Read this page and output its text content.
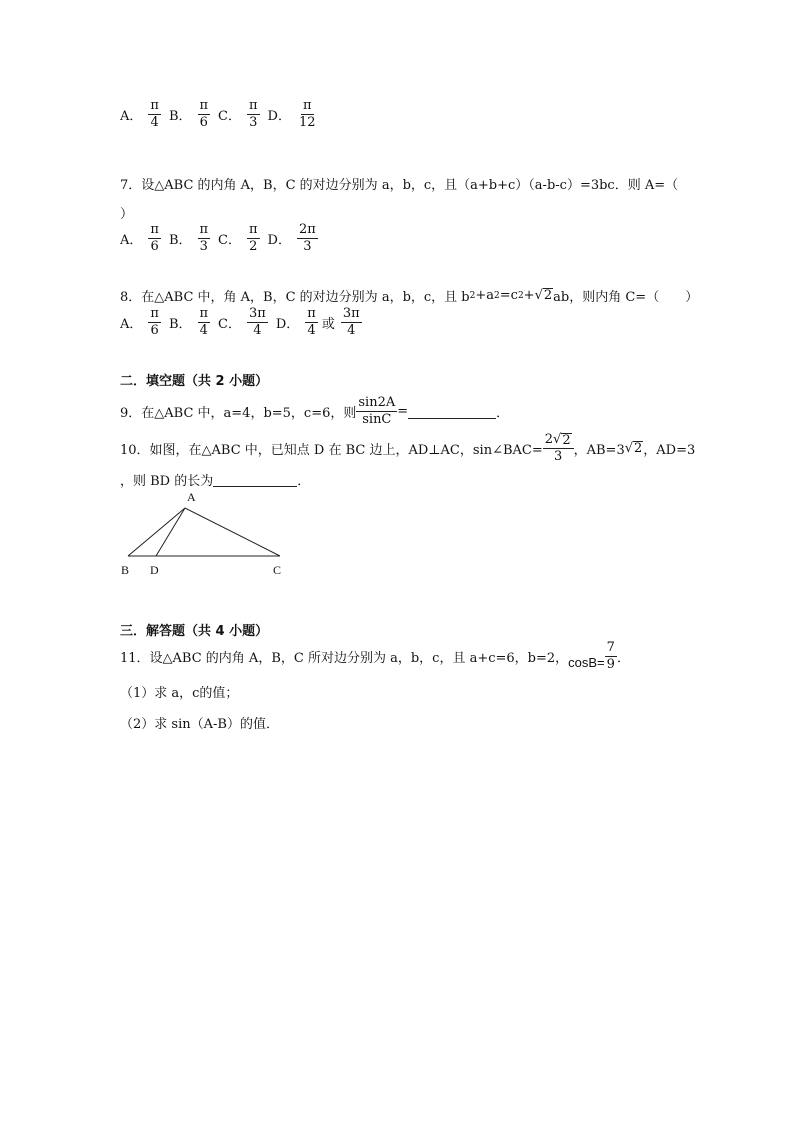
A． $\frac{\pi}{4}$ B． $\frac{\pi}{6}$ C． $\frac{\pi}{3}$ D． $\frac{\pi}{12}$
7．设△ABC 的内角 A，B，C 的对边分别为 a，b，c，且（a+b+c）（a-b-c）=3bc．则 A=（
）
A． $\frac{\pi}{6}$ B． $\frac{\pi}{3}$ C． $\frac{\pi}{2}$ D． $\frac{2\pi}{3}$
8．在△ABC 中，角 A，B，C 的对边分别为 a，b，c，且 b 2 +a 2 =c 2 + √ 2 ab，则内角 C=（　　）
A． $\frac{\pi}{6}$ B． $\frac{\pi}{4}$ C． $\frac{3\pi}{4}$ D． $\frac{\pi}{4}$ 或 $\frac{3\pi}{4}$
二．填空题（共 2 小题）
9．在△ABC 中，a=4，b=5，c=6，则 $\frac{\sin 2A}{\sin C}$ =	．
10．如图，在△ABC 中，已知点 D 在 BC 边上，AD⊥AC，sin∠BAC= $\frac{2 √ 2}{3}$ ，AB=3 √ 2 ，AD=3
，则 BD 的长为	．
A
B D	C
三．解答题（共 4 小题）
11．设△ABC 的内角 A，B，C 所对边分别为 a，b，c，且 a+c=6，b=2， $\cos B= \frac{7}{9}$ ．
（1）求 a，c的值；
（2）求 sin（A-B）的值．
